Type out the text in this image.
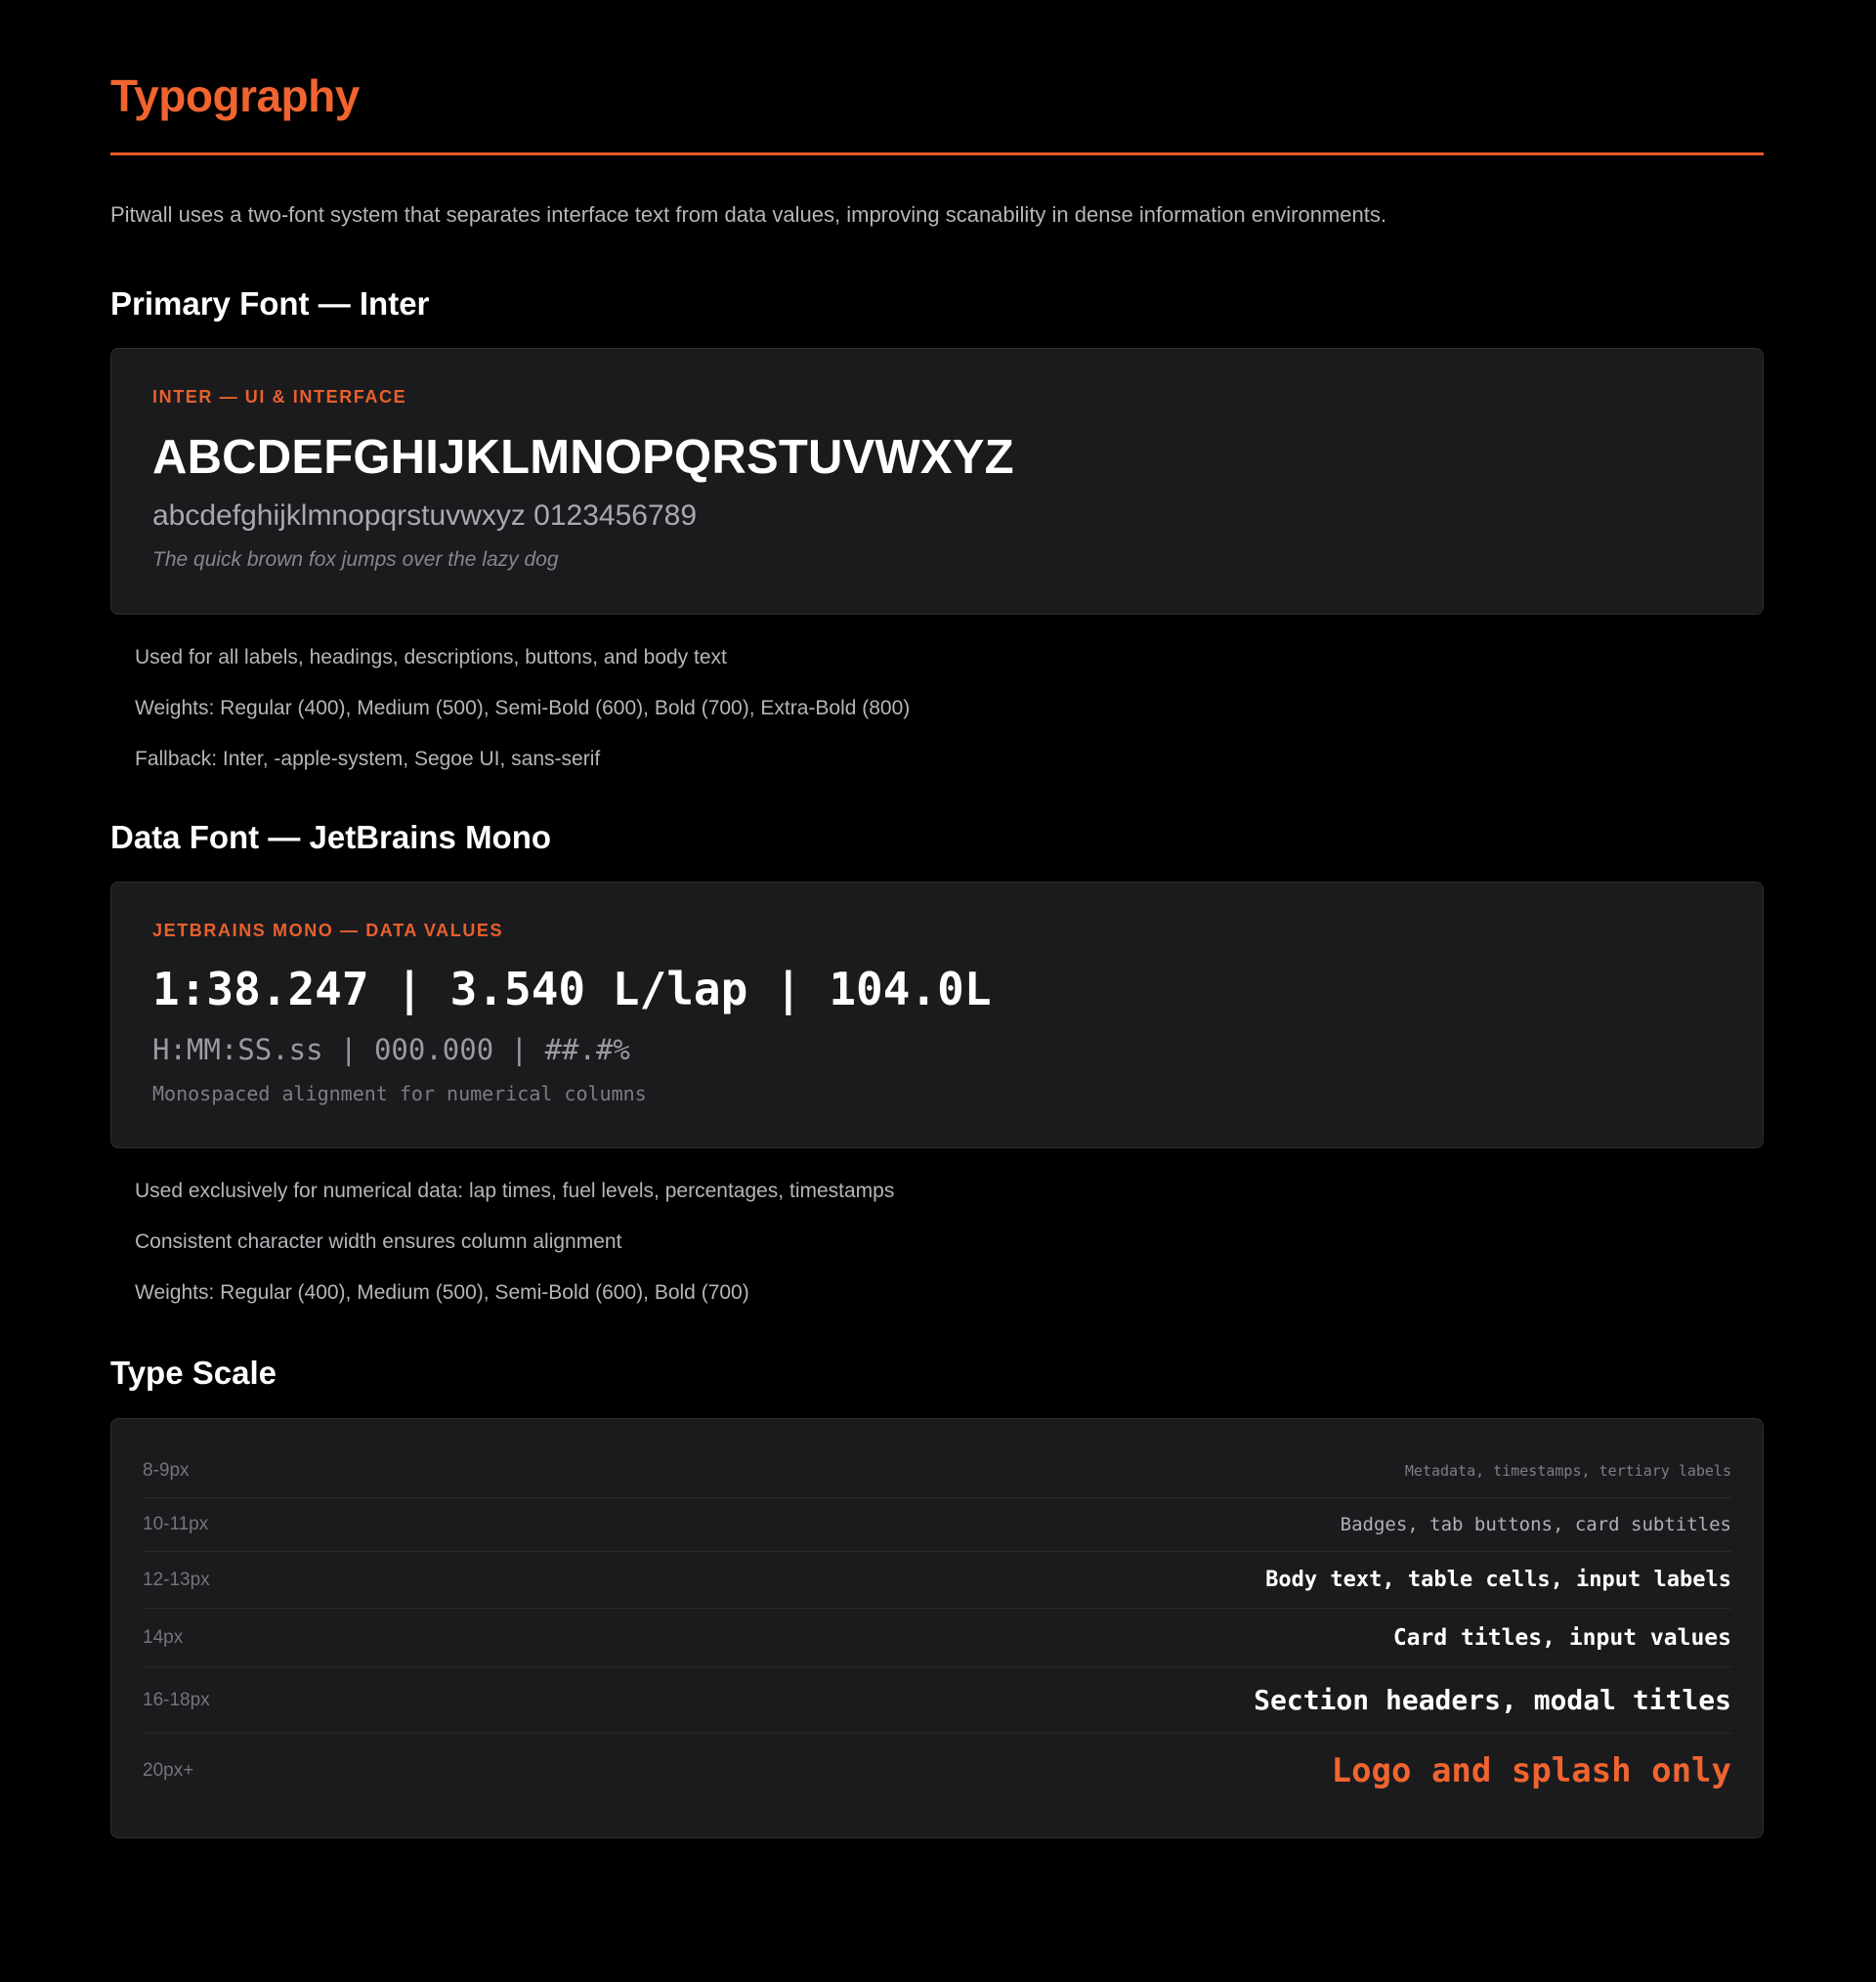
Typography
Pitwall uses a two-font system that separates interface text from data values, improving scanability in dense information environments.
Primary Font — Inter
INTER — UI & INTERFACE
ABCDEFGHIJKLMNOPQRSTUVWXYZ
abcdefghijklmnopqrstuvwxyz 0123456789
The quick brown fox jumps over the lazy dog
Used for all labels, headings, descriptions, buttons, and body text
Weights: Regular (400), Medium (500), Semi-Bold (600), Bold (700), Extra-Bold (800)
Fallback: Inter, -apple-system, Segoe UI, sans-serif
Data Font — JetBrains Mono
JETBRAINS MONO — DATA VALUES
1:38.247 | 3.540 L/lap | 104.0L
H:MM:SS.ss | 000.000 | ##.#%
Monospaced alignment for numerical columns
Used exclusively for numerical data: lap times, fuel levels, percentages, timestamps
Consistent character width ensures column alignment
Weights: Regular (400), Medium (500), Semi-Bold (600), Bold (700)
Type Scale
8-9px	Metadata, timestamps, tertiary labels
10-11px	Badges, tab buttons, card subtitles
12-13px	Body text, table cells, input labels
14px	Card titles, input values
16-18px	Section headers, modal titles
20px+	Logo and splash only
